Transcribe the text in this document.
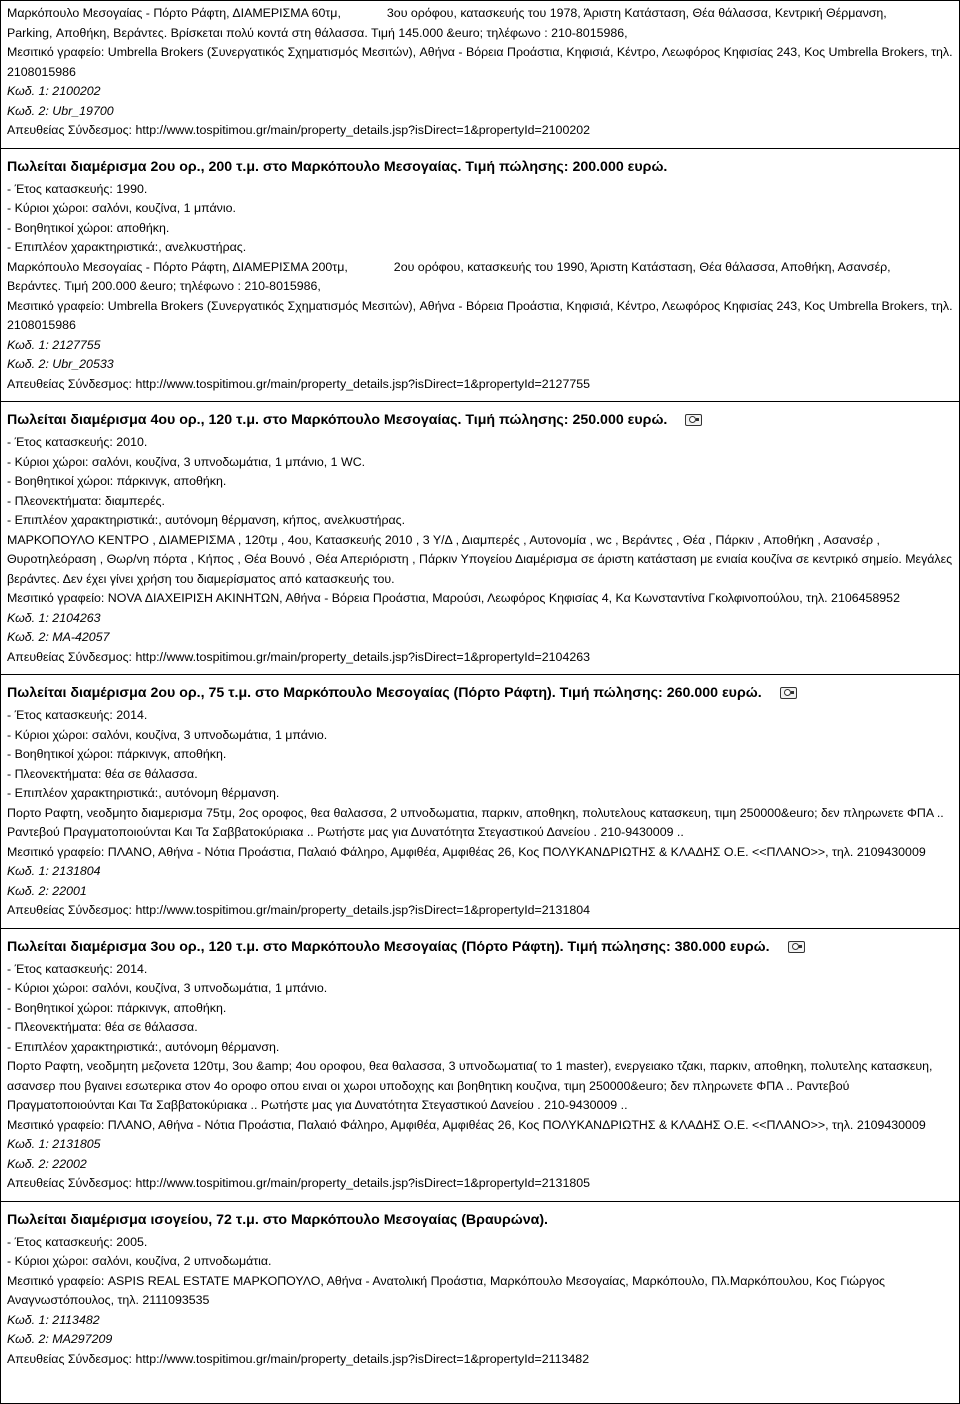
Μαρκόπουλο Μεσογαίας - Πόρτο Ράφτη, ΔΙΑΜΕΡΙΣΜΑ 60τμ,	3ου ορόφου, κατασκευής του 1978, Άριστη Κατάσταση, Θέα θάλασσα, Κεντρική Θέρμανση,
Parking, Αποθήκη, Βεράντες. Βρίσκεται πολύ κοντά στη θάλασσα. Τιμή 145.000 &euro; τηλέφωνο : 210-8015986,
Μεσιτικό γραφείο: Umbrella Brokers (Συνεργατικός Σχηματισμός Μεσιτών), Αθήνα - Βόρεια Προάστια, Κηφισιά, Κέντρο, Λεωφόρος Κηφισίας 243, Κος Umbrella Brokers, τηλ. 2108015986
Κωδ. 1: 2100202
Κωδ. 2: Ubr_19700
Απευθείας Σύνδεσμος: http://www.tospitimou.gr/main/property_details.jsp?isDirect=1&propertyId=2100202
Πωλείται διαμέρισμα 2ου ορ., 200 τ.μ. στο Μαρκόπουλο Μεσογαίας. Τιμή πώλησης: 200.000 ευρώ.
- Έτος κατασκευής: 1990.
- Κύριοι χώροι: σαλόνι, κουζίνα, 1 μπάνιο.
- Βοηθητικοί χώροι: αποθήκη.
- Επιπλέον χαρακτηριστικά:, ανελκυστήρας.
Μαρκόπουλο Μεσογαίας - Πόρτο Ράφτη, ΔΙΑΜΕΡΙΣΜΑ 200τμ,	2ου ορόφου, κατασκευής του 1990, Άριστη Κατάσταση, Θέα θάλασσα, Αποθήκη, Ασανσέρ,
Βεράντες. Τιμή 200.000 &euro; τηλέφωνο : 210-8015986,
Μεσιτικό γραφείο: Umbrella Brokers (Συνεργατικός Σχηματισμός Μεσιτών), Αθήνα - Βόρεια Προάστια, Κηφισιά, Κέντρο, Λεωφόρος Κηφισίας 243, Κος Umbrella Brokers, τηλ. 2108015986
Κωδ. 1: 2127755
Κωδ. 2: Ubr_20533
Απευθείας Σύνδεσμος: http://www.tospitimou.gr/main/property_details.jsp?isDirect=1&propertyId=2127755
Πωλείται διαμέρισμα 4ου ορ., 120 τ.μ. στο Μαρκόπουλο Μεσογαίας. Τιμή πώλησης: 250.000 ευρώ.
- Έτος κατασκευής: 2010.
- Κύριοι χώροι: σαλόνι, κουζίνα, 3 υπνοδωμάτια, 1 μπάνιο, 1 WC.
- Βοηθητικοί χώροι: πάρκινγκ, αποθήκη.
- Πλεονεκτήματα: διαμπερές.
- Επιπλέον χαρακτηριστικά:, αυτόνομη θέρμανση, κήπος, ανελκυστήρας.
ΜΑΡΚΟΠΟΥΛΟ ΚΕΝΤΡΟ , ΔΙΑΜΕΡΙΣΜΑ , 120τμ , 4ου, Κατασκευής 2010 , 3 Υ/Δ , Διαμπερές , Αυτονομία , wc , Βεράντες , Θέα , Πάρκιν , Αποθήκη , Ασανσέρ , Θυροτηλεόραση , Θωρ/νη πόρτα , Κήπος , Θέα Βουνό , Θέα Απεριόριστη , Πάρκιν Υπογείου Διαμέρισμα σε άριστη κατάσταση με ενιαία κουζίνα σε κεντρικό σημείο. Μεγάλες βεράντες. Δεν έχει γίνει χρήση του διαμερίσματος από κατασκευής του.
Μεσιτικό γραφείο: NOVA ΔΙΑΧΕΙΡΙΣΗ ΑΚΙΝΗΤΩΝ, Αθήνα - Βόρεια Προάστια, Μαρούσι, Λεωφόρος Κηφισίας 4, Κα Κωνσταντίνα Γκολφινοπούλου, τηλ. 2106458952
Κωδ. 1: 2104263
Κωδ. 2: MA-42057
Απευθείας Σύνδεσμος: http://www.tospitimou.gr/main/property_details.jsp?isDirect=1&propertyId=2104263
Πωλείται διαμέρισμα 2ου ορ., 75 τ.μ. στο Μαρκόπουλο Μεσογαίας (Πόρτο Ράφτη). Τιμή πώλησης: 260.000 ευρώ.
- Έτος κατασκευής: 2014.
- Κύριοι χώροι: σαλόνι, κουζίνα, 3 υπνοδωμάτια, 1 μπάνιο.
- Βοηθητικοί χώροι: πάρκινγκ, αποθήκη.
- Πλεονεκτήματα: θέα σε θάλασσα.
- Επιπλέον χαρακτηριστικά:, αυτόνομη θέρμανση.
Πορτο Ραφτη, νεοδμητο διαμερισμα 75τμ, 2ος οροφος, θεα θαλασσα, 2 υπνοδωματια, παρκιν, αποθηκη, πολυτελoυς κατασκευη, τιμη 250000&euro; δεν πληρωνετε ΦΠΑ .. Ραντεβού Πραγματοποιούνται Και Τα Σαββατοκύριακα .. Ρωτήστε μας για Δυνατότητα Στεγαστικού Δανείου . 210-9430009 ..
Μεσιτικό γραφείο: ΠΛΑΝΟ, Αθήνα - Νότια Προάστια, Παλαιό Φάληρο, Αμφιθέα, Αμφιθέας 26, Κος ΠΟΛΥΚΑΝΔΡΙΩΤΗΣ & ΚΛΑΔΗΣ Ο.Ε. <<ΠΛΑΝΟ>>, τηλ. 2109430009
Κωδ. 1: 2131804
Κωδ. 2: 22001
Απευθείας Σύνδεσμος: http://www.tospitimou.gr/main/property_details.jsp?isDirect=1&propertyId=2131804
Πωλείται διαμέρισμα 3ου ορ., 120 τ.μ. στο Μαρκόπουλο Μεσογαίας (Πόρτο Ράφτη). Τιμή πώλησης: 380.000 ευρώ.
- Έτος κατασκευής: 2014.
- Κύριοι χώροι: σαλόνι, κουζίνα, 3 υπνοδωμάτια, 1 μπάνιο.
- Βοηθητικοί χώροι: πάρκινγκ, αποθήκη.
- Πλεονεκτήματα: θέα σε θάλασσα.
- Επιπλέον χαρακτηριστικά:, αυτόνομη θέρμανση.
Πορτο Ραφτη, νεοδμητη μεζονετα 120τμ, 3ου &amp; 4ου οροφου, θεα θαλασσα, 3 υπνοδωματια( το 1 master), ενεργειακο τζακι, παρκιν, αποθηκη, πολυτελης κατασκευη, ασανσερ που βγαινει εσωτερικα στον 4ο οροφο οπου ειναι οι χωροι υποδοχης και βοηθητικη κουζινα, τιμη 250000&euro; δεν πληρωνετε ΦΠΑ .. Ραντεβού Πραγματοποιούνται Και Τα Σαββατοκύριακα .. Ρωτήστε μας για Δυνατότητα Στεγαστικού Δανείου . 210-9430009 ..
Μεσιτικό γραφείο: ΠΛΑΝΟ, Αθήνα - Νότια Προάστια, Παλαιό Φάληρο, Αμφιθέα, Αμφιθέας 26, Κος ΠΟΛΥΚΑΝΔΡΙΩΤΗΣ & ΚΛΑΔΗΣ Ο.Ε. <<ΠΛΑΝΟ>>, τηλ. 2109430009
Κωδ. 1: 2131805
Κωδ. 2: 22002
Απευθείας Σύνδεσμος: http://www.tospitimou.gr/main/property_details.jsp?isDirect=1&propertyId=2131805
Πωλείται διαμέρισμα ισογείου, 72 τ.μ. στο Μαρκόπουλο Μεσογαίας (Βραυρώνα).
- Έτος κατασκευής: 2005.
- Κύριοι χώροι: σαλόνι, κουζίνα, 2 υπνοδωμάτια.
Μεσιτικό γραφείο: ASPIS REAL ESTATE ΜΑΡΚΟΠΟΥΛΟ, Αθήνα - Ανατολική Προάστια, Μαρκόπουλο Μεσογαίας, Μαρκόπουλο, Πλ.Μαρκόπουλου, Κος Γιώργος Αναγνωστόπουλος, τηλ. 2111093535
Κωδ. 1: 2113482
Κωδ. 2: MA297209
Απευθείας Σύνδεσμος: http://www.tospitimou.gr/main/property_details.jsp?isDirect=1&propertyId=2113482
